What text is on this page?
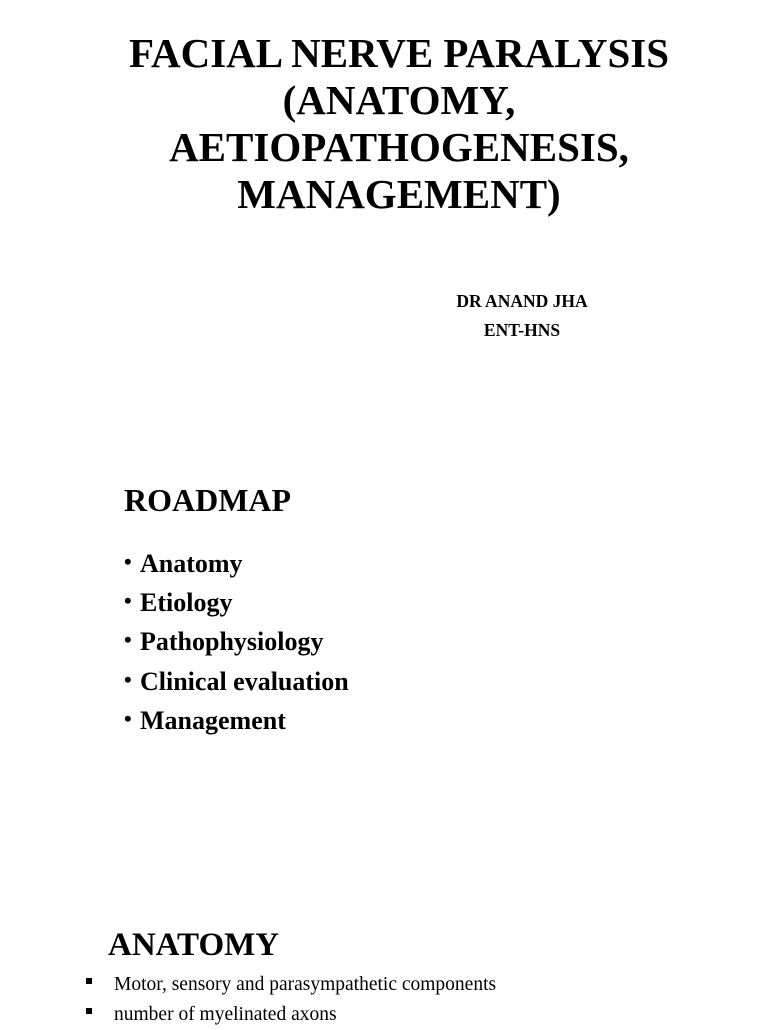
FACIAL NERVE PARALYSIS
(ANATOMY,
AETIOPATHOGENESIS,
MANAGEMENT)
DR ANAND JHA
ENT-HNS
ROADMAP
• Anatomy
• Etiology
• Pathophysiology
• Clinical evaluation
• Management
ANATOMY
Motor, sensory and parasympathetic components
number of myelinated axons
